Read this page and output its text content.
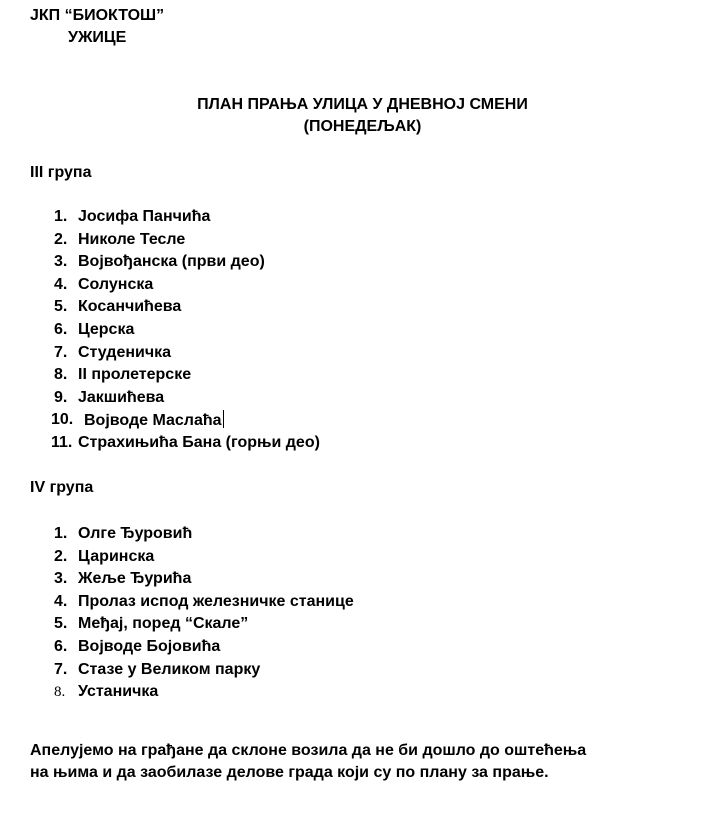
ЈКП “БИОКТОШ”
УЖИЦЕ
ПЛАН ПРАЊА УЛИЦА У ДНЕВНОЈ СМЕНИ
(ПОНЕДЕЉАК)
III група
1. Јосифа Панчића
2. Николе Тесле
3. Војвођанска (први део)
4. Солунска
5. Косанчићева
6. Церска
7. Студеничка
8. II пролетерске
9. Јакшићева
10. Војводе Маслаћа
11. Страхињића Бана (горњи део)
IV група
1. Олге Ђуровић
2. Царинска
3. Жеље Ђурића
4. Пролаз испод железничке станице
5. Међај, поред “Скале”
6. Војводе Бојовића
7. Стазе у Великом парку
8. Устаничка
Апелујемо на грађане да склоне возила да не би дошло до оштећења
на њима и да заобилазе делове града који су по плану за прање.
